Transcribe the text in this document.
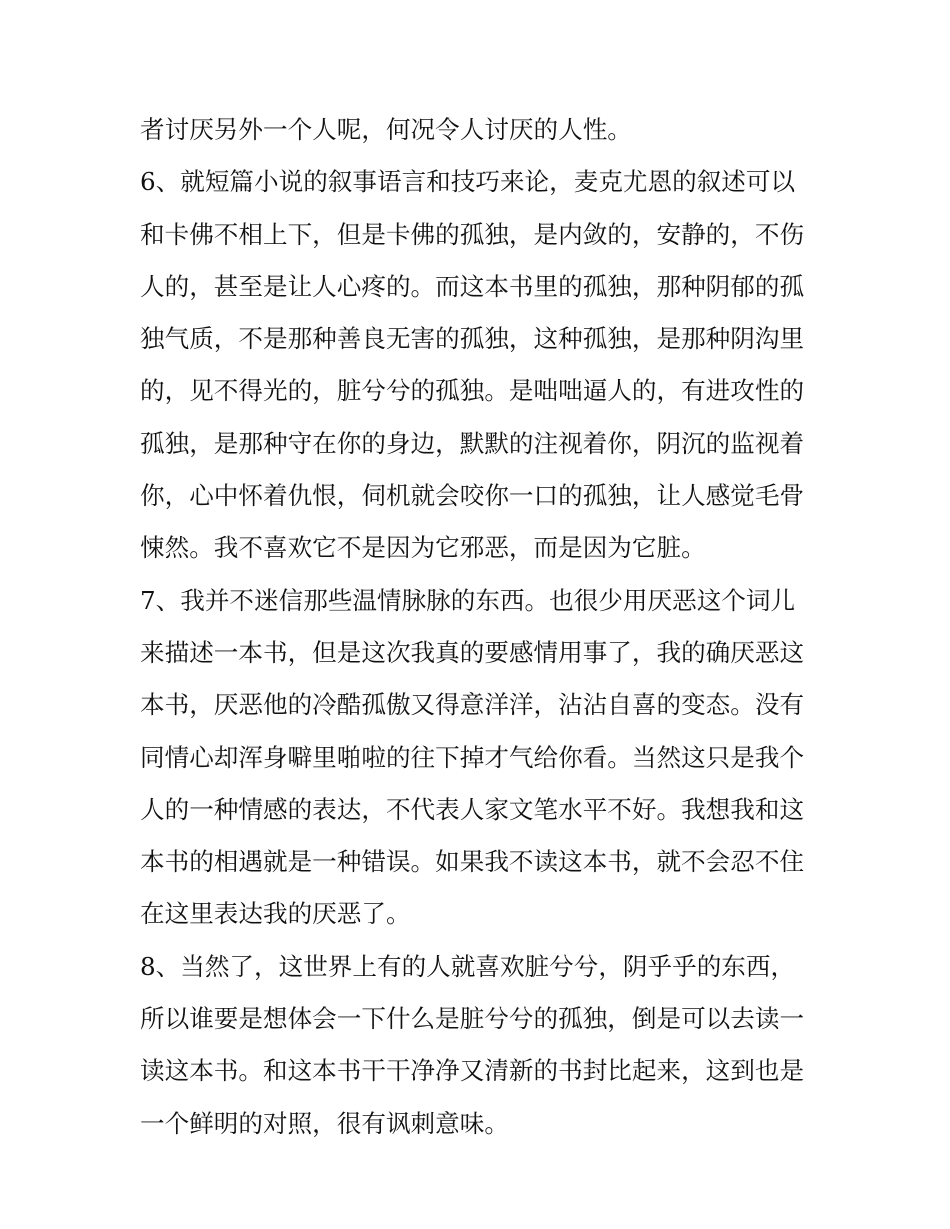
者讨厌另外一个人呢，何况令人讨厌的人性。
6、就短篇小说的叙事语言和技巧来论，麦克尤恩的叙述可以
和卡佛不相上下，但是卡佛的孤独，是内敛的，安静的，不伤
人的，甚至是让人心疼的。而这本书里的孤独，那种阴郁的孤
独气质，不是那种善良无害的孤独，这种孤独，是那种阴沟里
的，见不得光的，脏兮兮的孤独。是咄咄逼人的，有进攻性的
孤独，是那种守在你的身边，默默的注视着你，阴沉的监视着
你，心中怀着仇恨，伺机就会咬你一口的孤独，让人感觉毛骨
悚然。我不喜欢它不是因为它邪恶，而是因为它脏。
7、我并不迷信那些温情脉脉的东西。也很少用厌恶这个词儿
来描述一本书，但是这次我真的要感情用事了，我的确厌恶这
本书，厌恶他的冷酷孤傲又得意洋洋，沾沾自喜的变态。没有
同情心却浑身噼里啪啦的往下掉才气给你看。当然这只是我个
人的一种情感的表达，不代表人家文笔水平不好。我想我和这
本书的相遇就是一种错误。如果我不读这本书，就不会忍不住
在这里表达我的厌恶了。
8、当然了，这世界上有的人就喜欢脏兮兮，阴乎乎的东西，
所以谁要是想体会一下什么是脏兮兮的孤独，倒是可以去读一
读这本书。和这本书干干净净又清新的书封比起来，这到也是
一个鲜明的对照，很有讽刺意味。
